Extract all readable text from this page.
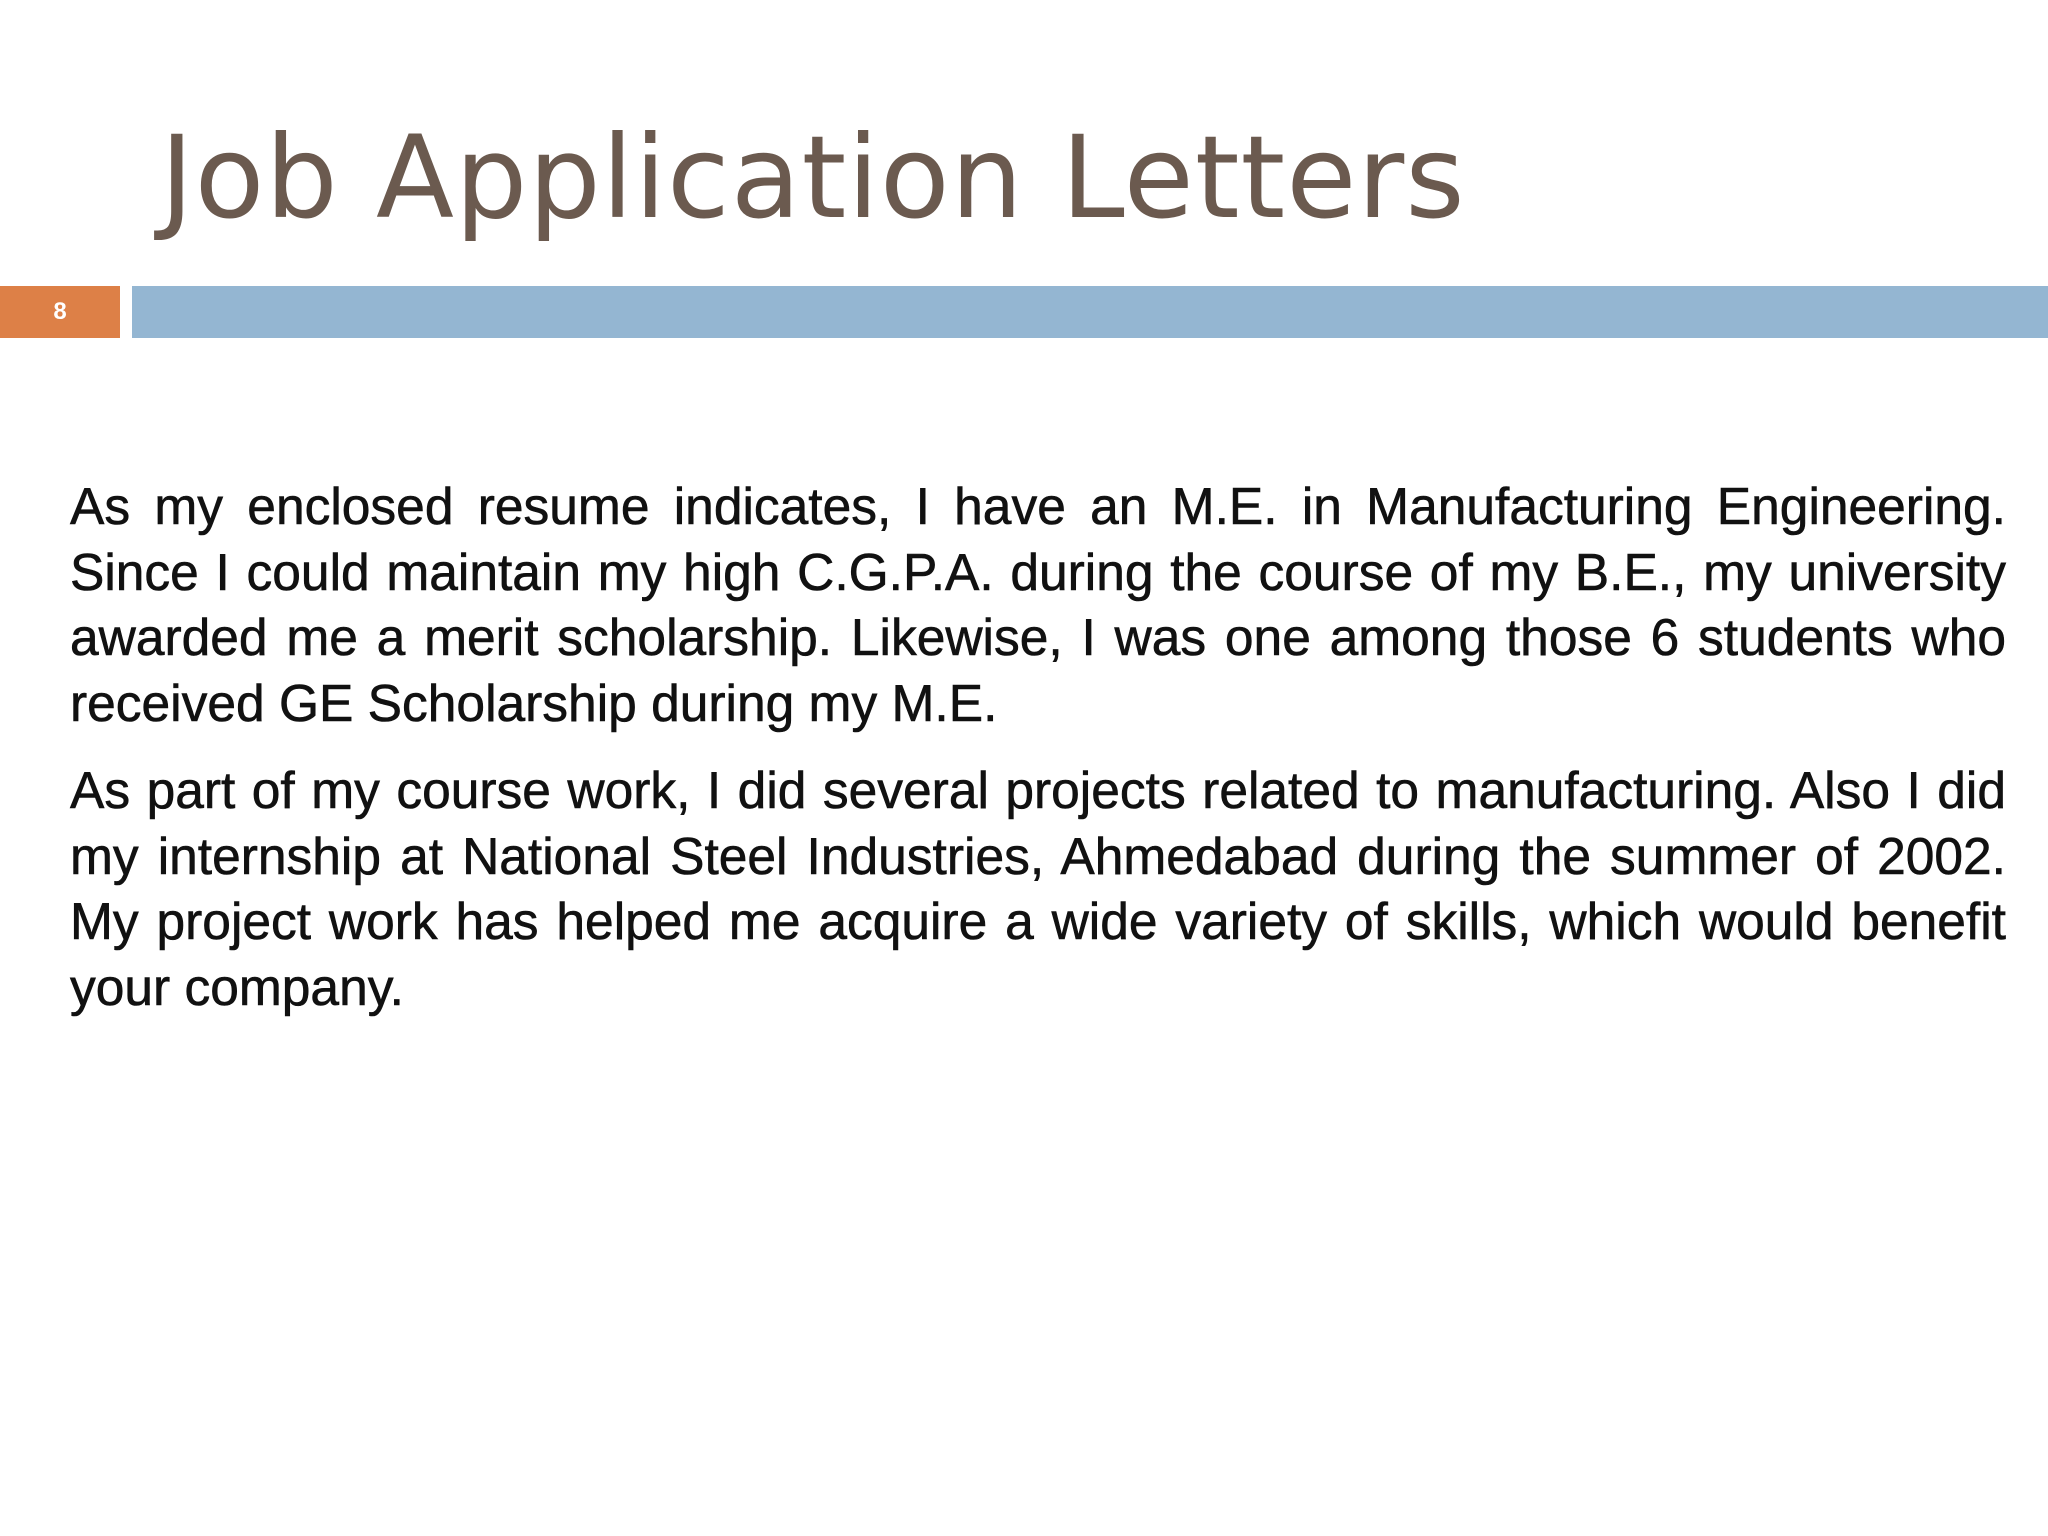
Job Application Letters
8

As my enclosed resume indicates, I have an M.E. in Manufacturing Engineering. Since I could maintain my high C.G.P.A. during the course of my B.E., my university awarded me a merit scholarship. Likewise, I was one among those 6 students who received GE Scholarship during my M.E.

As part of my course work, I did several projects related to manufacturing. Also I did my internship at National Steel Industries, Ahmedabad during the summer of 2002. My project work has helped me acquire a wide variety of skills, which would benefit your company.
